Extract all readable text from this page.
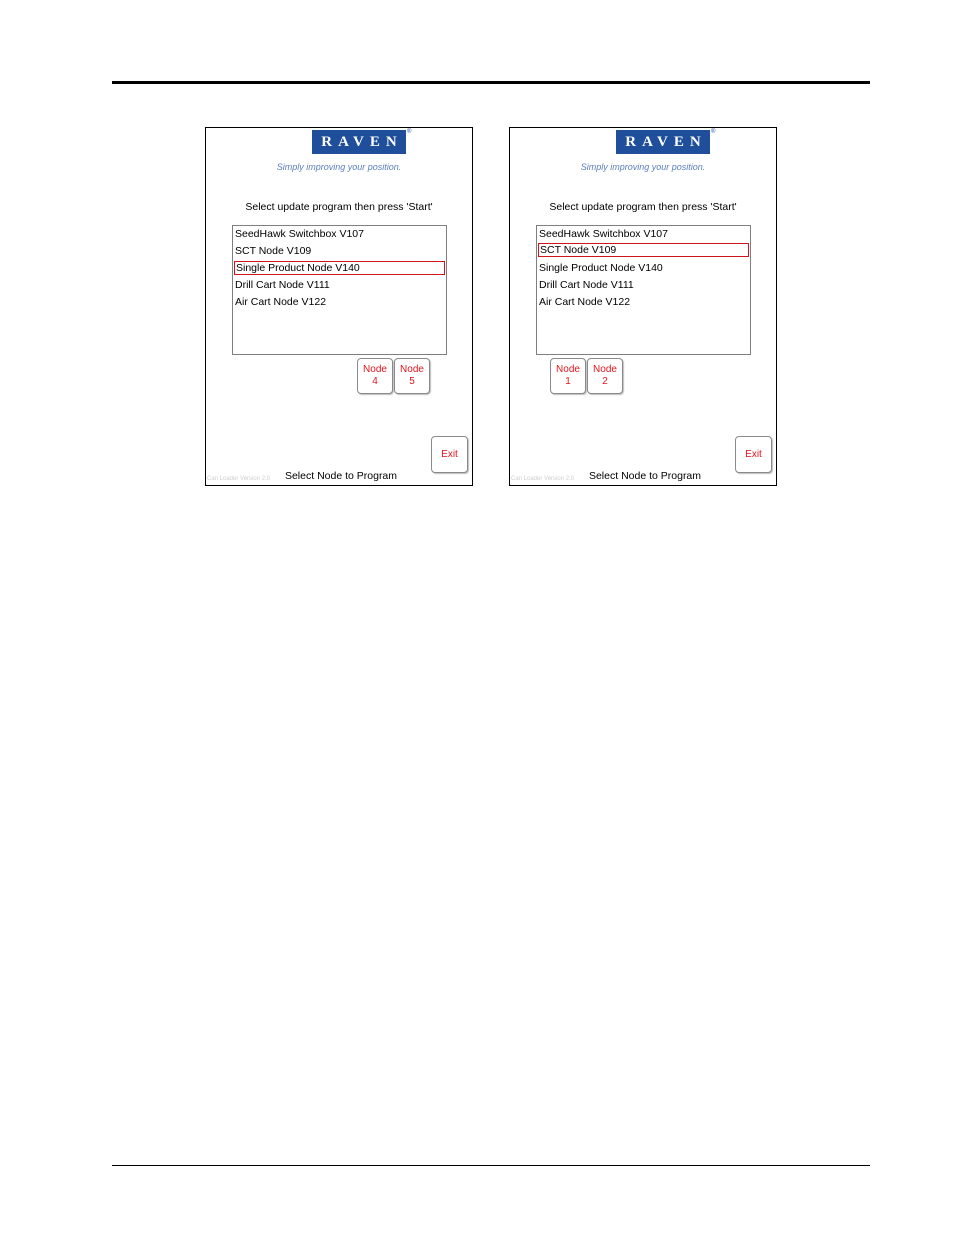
RAVEN
®
Simply improving your position.
Select update program then press 'Start'
SeedHawk Switchbox V107
SCT Node V109
Single Product Node V140
Drill Cart Node V111
Air Cart Node V122
Node
4
Node
5
Exit
Can Loader Version 2.0	Select Node to Program
RAVEN
®
Simply improving your position.
Select update program then press 'Start'
SeedHawk Switchbox V107
SCT Node V109
Single Product Node V140
Drill Cart Node V111
Air Cart Node V122
Node
1
Node
2
Exit
Can Loader Version 2.0	Select Node to Program
